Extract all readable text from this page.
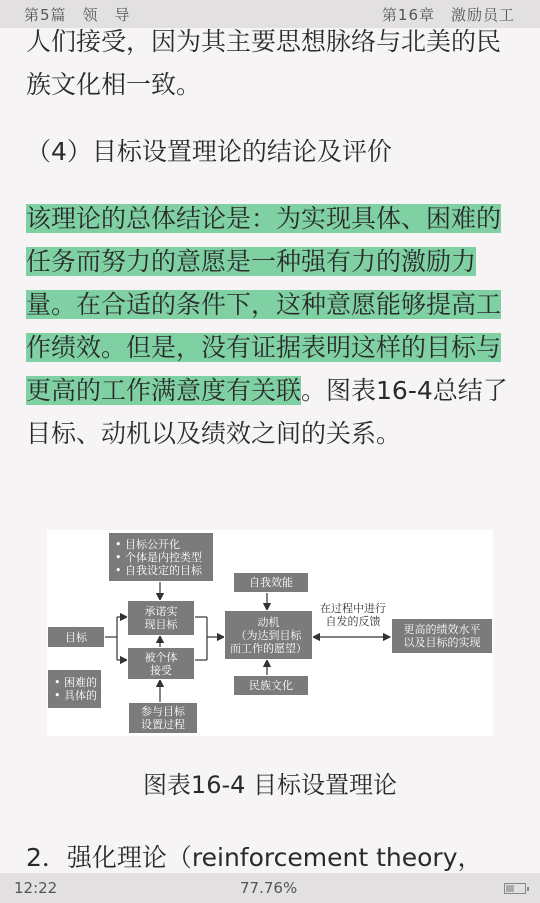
第5篇　领　导	第16章　激励员工

人们接受，因为其主要思想脉络与北美的民族文化相一致。

（4）目标设置理论的结论及评价

该理论的总体结论是：为实现具体、困难的任务而努力的意愿是一种强有力的激励力量。在合适的条件下，这种意愿能够提高工作绩效。但是，没有证据表明这样的目标与更高的工作满意度有关联。图表16-4总结了目标、动机以及绩效之间的关系。

• 目标公开化
• 个体是内控类型
• 自我设定的目标
承诺实
现目标
被个体
接受
参与目标
设置过程
目标
• 困难的
• 具体的
自我效能
动机
（为达到目标
而工作的愿望）
民族文化
在过程中进行
自发的反馈
更高的绩效水平
以及目标的实现
图表16-4 目标设置理论

2．强化理论（reinforcement theory，

12:22	77.76%
